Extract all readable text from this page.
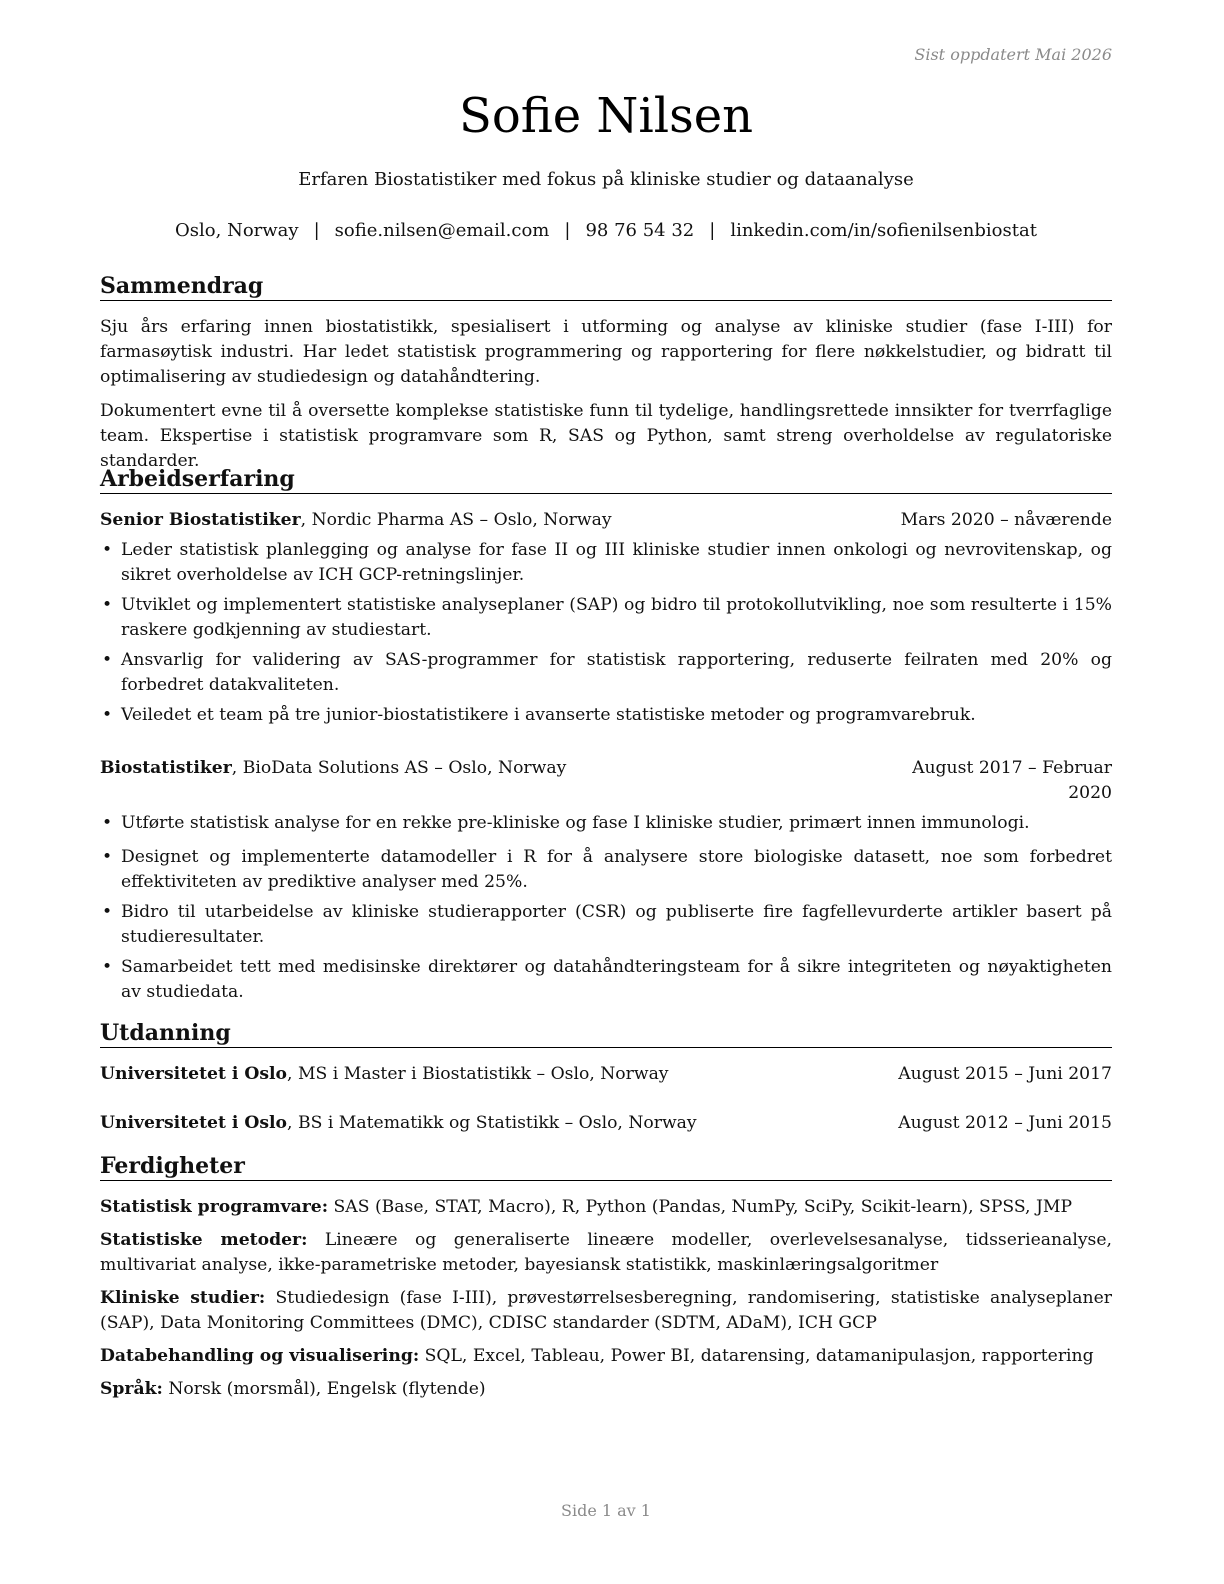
Sist oppdatert Mai 2026
Sofie Nilsen
Erfaren Biostatistiker med fokus på kliniske studier og dataanalyse
Oslo, Norway | sofie.nilsen@email.com | 98 76 54 32 | linkedin.com/in/sofienilsenbiostat
Sammendrag

Sju års erfaring innen biostatistikk, spesialisert i utforming og analyse av kliniske studier (fase I-III) for farmasøytisk industri. Har ledet statistisk programmering og rapportering for flere nøkkelstudier, og bidratt til optimalisering av studiedesign og datahåndtering.

Dokumentert evne til å oversette komplekse statistiske funn til tydelige, handlingsrettede innsikter for tverrfaglige team. Ekspertise i statistisk programvare som R, SAS og Python, samt streng overholdelse av regulatoriske standarder.

Arbeidserfaring
Senior Biostatistiker, Nordic Pharma AS – Oslo, Norway	Mars 2020 – nåværende
• Leder statistisk planlegging og analyse for fase II og III kliniske studier innen onkologi og nevrovitenskap, og sikret overholdelse av ICH GCP-retningslinjer.
• Utviklet og implementert statistiske analyseplaner (SAP) og bidro til protokollutvikling, noe som resulterte i 15% raskere godkjenning av studiestart.
• Ansvarlig for validering av SAS-programmer for statistisk rapportering, reduserte feilraten med 20% og forbedret datakvaliteten.
• Veiledet et team på tre junior-biostatistikere i avanserte statistiske metoder og programvarebruk.
Biostatistiker, BioData Solutions AS – Oslo, Norway	August 2017 – Februar 2020
• Utførte statistisk analyse for en rekke pre-kliniske og fase I kliniske studier, primært innen immunologi.
• Designet og implementerte datamodeller i R for å analysere store biologiske datasett, noe som forbedret effektiviteten av prediktive analyser med 25%.
• Bidro til utarbeidelse av kliniske studierapporter (CSR) og publiserte fire fagfellevurderte artikler basert på studieresultater.
• Samarbeidet tett med medisinske direktører og datahåndteringsteam for å sikre integriteten og nøyaktigheten av studiedata.
Utdanning
Universitetet i Oslo, MS i Master i Biostatistikk – Oslo, Norway	August 2015 – Juni 2017
Universitetet i Oslo, BS i Matematikk og Statistikk – Oslo, Norway	August 2012 – Juni 2015
Ferdigheter
Statistisk programvare: SAS (Base, STAT, Macro), R, Python (Pandas, NumPy, SciPy, Scikit-learn), SPSS, JMP
Statistiske metoder: Lineære og generaliserte lineære modeller, overlevelsesanalyse, tidsserieanalyse, multivariat analyse, ikke-parametriske metoder, bayesiansk statistikk, maskinlæringsalgoritmer
Kliniske studier: Studiedesign (fase I-III), prøvestørrelsesberegning, randomisering, statistiske analyseplaner (SAP), Data Monitoring Committees (DMC), CDISC standarder (SDTM, ADaM), ICH GCP
Databehandling og visualisering: SQL, Excel, Tableau, Power BI, datarensing, datamanipulasjon, rapportering
Språk: Norsk (morsmål), Engelsk (flytende)
Side 1 av 1
